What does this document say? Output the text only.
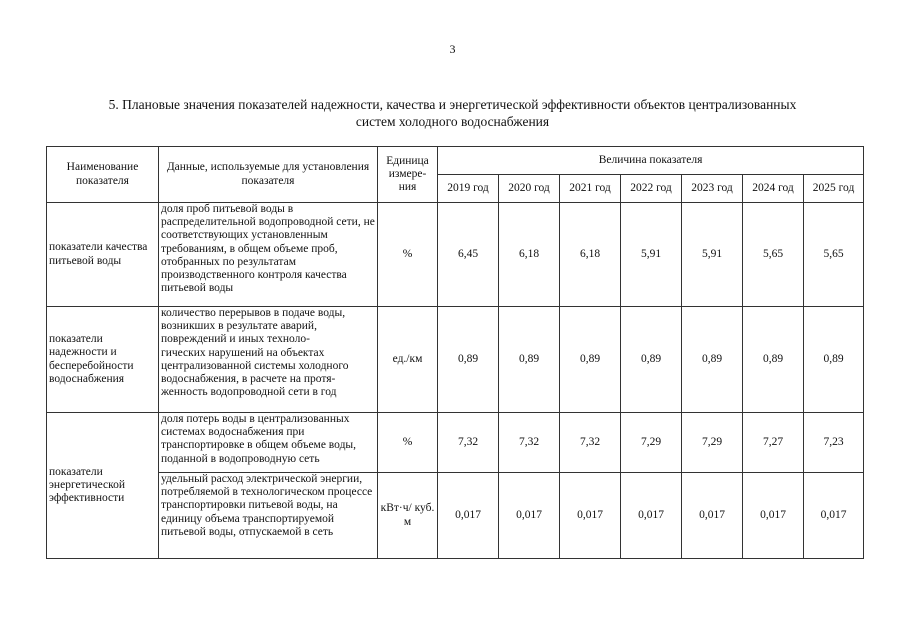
3
5. Плановые значения показателей надежности, качества и энергетической эффективности объектов централизованных
систем холодного водоснабжения
Наименование показателя	Данные, используемые для установления показателя	Единица измере-ния	Величина показателя						
			2019 год	2020 год	2021 год	2022 год	2023 год	2024 год	2025 год
показатели качества питьевой воды	доля проб питьевой воды в распределительной водопроводной сети, не соответствующих установленным требованиям, в общем объеме проб, отобранных по результатам производственного контроля качества питьевой воды	%	6,45	6,18	6,18	5,91	5,91	5,65	5,65
показатели надежности и бесперебойности водоснабжения	количество перерывов в подаче воды, возникших в результате аварий, повреждений и иных техноло-
гических нарушений на объектах централизованной системы холодного водоснабжения, в расчете на протя-
женность водопроводной сети в год	ед./км	0,89	0,89	0,89	0,89	0,89	0,89	0,89
показатели энергетической эффективности	доля потерь воды в централизованных системах водоснабжения при транспортировке в общем объеме воды, поданной в водопроводную сеть	%	7,32	7,32	7,32	7,29	7,29	7,27	7,23
	удельный расход электрической энергии, потребляемой в технологическом процессе транспортировки питьевой воды, на единицу объема транспортируемой питьевой воды, отпускаемой в сеть	кВт·ч/ куб. м	0,017	0,017	0,017	0,017	0,017	0,017	0,017
